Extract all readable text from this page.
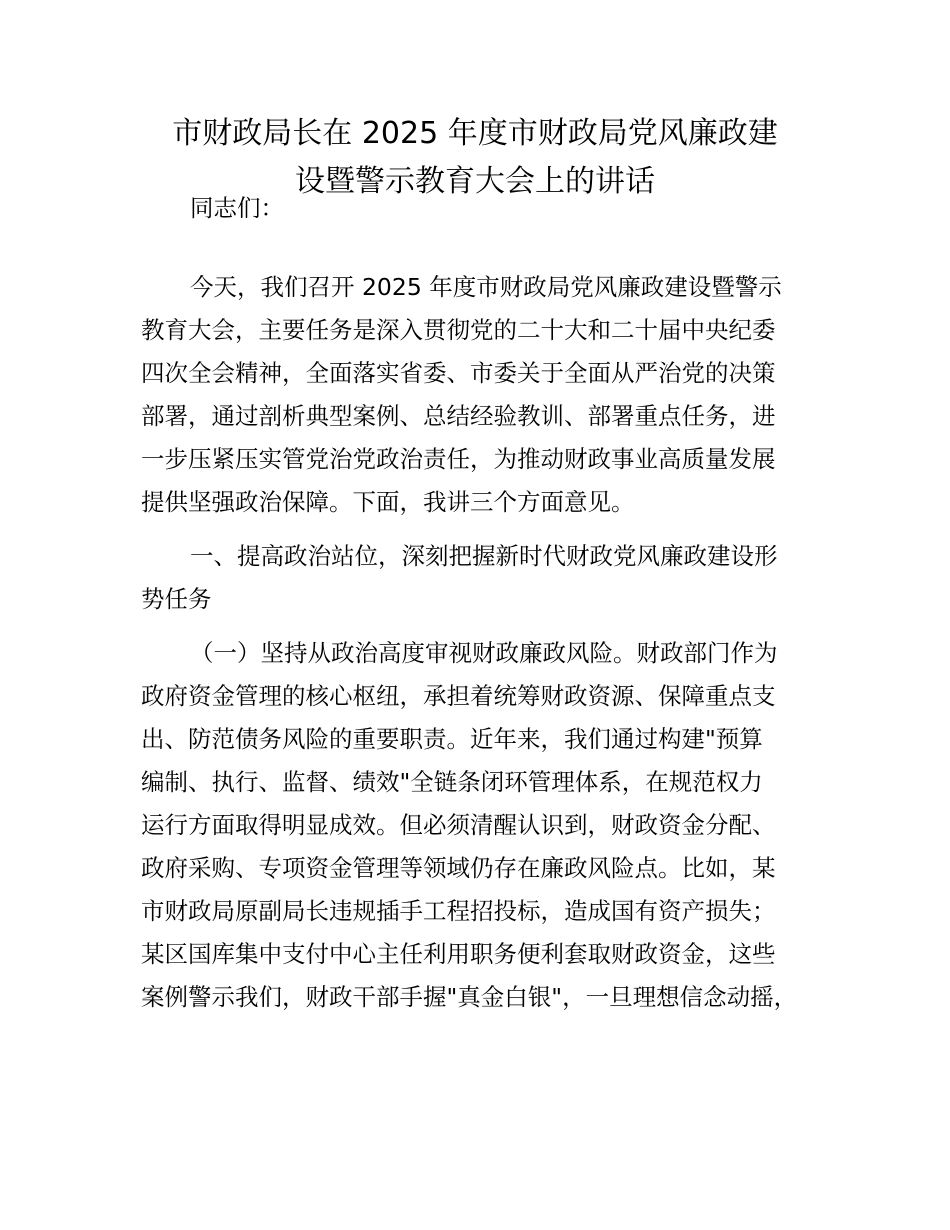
市财政局长在 2025 年度市财政局党风廉政建
设暨警示教育大会上的讲话
同志们：
今天，我们召开 2025 年度市财政局党风廉政建设暨警示
教育大会，主要任务是深入贯彻党的二十大和二十届中央纪委
四次全会精神，全面落实省委、市委关于全面从严治党的决策
部署，通过剖析典型案例、总结经验教训、部署重点任务，进
一步压紧压实管党治党政治责任，为推动财政事业高质量发展
提供坚强政治保障。下面，我讲三个方面意见。
一、提高政治站位，深刻把握新时代财政党风廉政建设形
势任务
（一）坚持从政治高度审视财政廉政风险。财政部门作为
政府资金管理的核心枢纽，承担着统筹财政资源、保障重点支
出、防范债务风险的重要职责。近年来，我们通过构建"预算
编制、执行、监督、绩效"全链条闭环管理体系，在规范权力
运行方面取得明显成效。但必须清醒认识到，财政资金分配、
政府采购、专项资金管理等领域仍存在廉政风险点。比如，某
市财政局原副局长违规插手工程招投标，造成国有资产损失；
某区国库集中支付中心主任利用职务便利套取财政资金，这些
案例警示我们，财政干部手握"真金白银"，一旦理想信念动摇，
